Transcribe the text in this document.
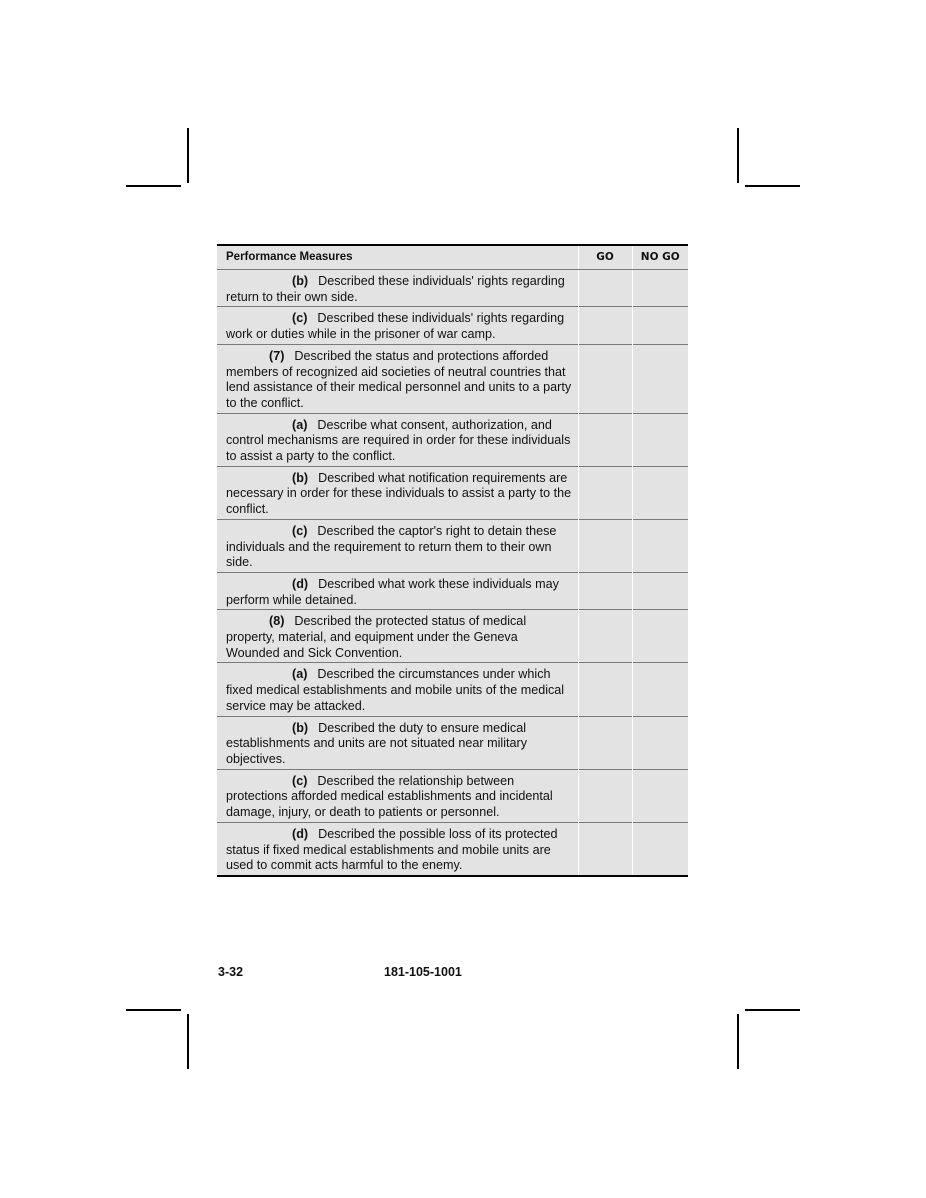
Performance Measures	GO	NO GO
(b) Described these individuals' rights regarding return to their own side.		
(c) Described these individuals' rights regarding work or duties while in the prisoner of war camp.		
(7) Described the status and protections afforded members of recognized aid societies of neutral countries that lend assistance of their medical personnel and units to a party to the conflict.		
(a) Describe what consent, authorization, and control mechanisms are required in order for these individuals to assist a party to the conflict.		
(b) Described what notification requirements are necessary in order for these individuals to assist a party to the conflict.		
(c) Described the captor's right to detain these individuals and the requirement to return them to their own side.		
(d) Described what work these individuals may perform while detained.		
(8) Described the protected status of medical property, material, and equipment under the Geneva Wounded and Sick Convention.		
(a) Described the circumstances under which fixed medical establishments and mobile units of the medical service may be attacked.		
(b) Described the duty to ensure medical establishments and units are not situated near military objectives.		
(c) Described the relationship between protections afforded medical establishments and incidental damage, injury, or death to patients or personnel.		
(d) Described the possible loss of its protected status if fixed medical establishments and mobile units are used to commit acts harmful to the enemy.		
3-32	181-105-1001
